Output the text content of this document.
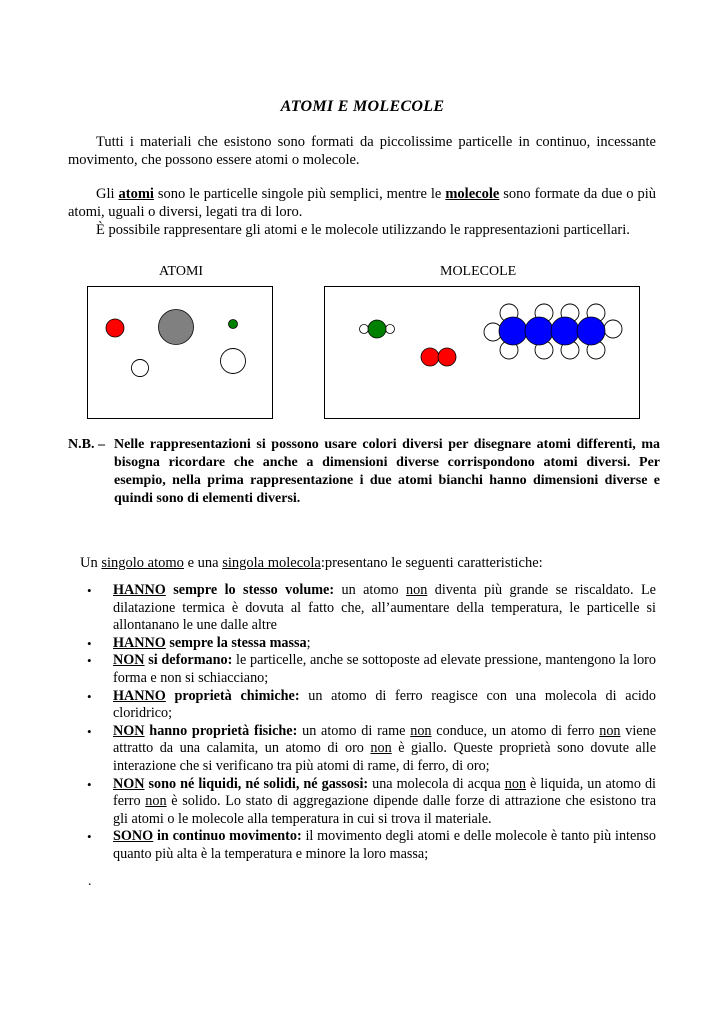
ATOMI E MOLECOLE
Tutti i materiali che esistono sono formati da piccolissime particelle in continuo, incessante movimento, che possono essere atomi o molecole.
Gli atomi sono le particelle singole più semplici, mentre le molecole sono formate da due o più atomi, uguali o diversi, legati tra di loro.
È possibile rappresentare gli atomi e le molecole utilizzando le rappresentazioni particellari.
ATOMI	MOLECOLE
N.B. – Nelle rappresentazioni si possono usare colori diversi per disegnare atomi differenti, ma bisogna ricordare che anche a dimensioni diverse corrispondono atomi diversi. Per esempio, nella prima rappresentazione i due atomi bianchi hanno dimensioni diverse e quindi sono di elementi diversi.
Un singolo atomo e una singola molecola:presentano le seguenti caratteristiche:
• HANNO sempre lo stesso volume: un atomo non diventa più grande se riscaldato. Le dilatazione termica è dovuta al fatto che, all’aumentare della temperatura, le particelle si allontanano le une dalle altre
• HANNO sempre la stessa massa;
• NON si deformano: le particelle, anche se sottoposte ad elevate pressione, mantengono la loro forma e non si schiacciano;
• HANNO proprietà chimiche: un atomo di ferro reagisce con una molecola di acido cloridrico;
• NON hanno proprietà fisiche: un atomo di rame non conduce, un atomo di ferro non viene attratto da una calamita, un atomo di oro non è giallo. Queste proprietà sono dovute alle interazione che si verificano tra più atomi di rame, di ferro, di oro;
• NON sono né liquidi, né solidi, né gassosi: una molecola di acqua non è liquida, un atomo di ferro non è solido. Lo stato di aggregazione dipende dalle forze di attrazione che esistono tra gli atomi o le molecole alla temperatura in cui si trova il materiale.
• SONO in continuo movimento: il movimento degli atomi e delle molecole è tanto più intenso quanto più alta è la temperatura e minore la loro massa;
.
